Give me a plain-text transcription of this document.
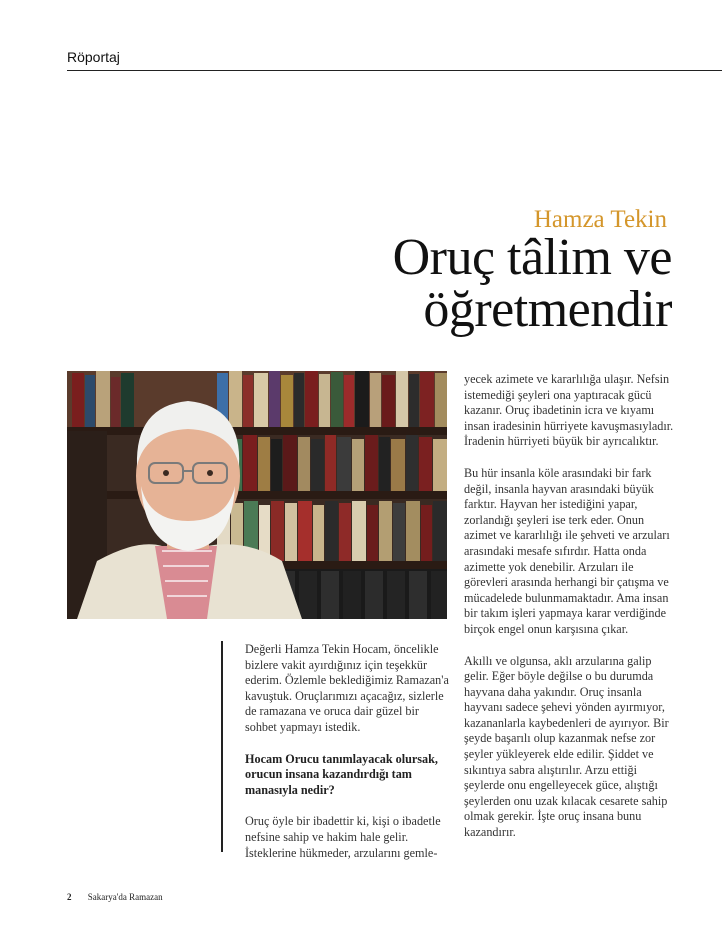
Röportaj
Hamza Tekin
Oruç tâlim ve
öğretmendir

Değerli Hamza Tekin Hocam, öncelikle bizlere vakit ayırdığınız için teşekkür ederim. Özlemle beklediğimiz Ramazan'a kavuştuk. Oruçlarımızı açacağız, sizlerle de ramazana ve oruca dair güzel bir sohbet yapmayı istedik.

Hocam Orucu tanımlayacak olursak, orucun insana kazandırdığı tam manasıyla nedir?

Oruç öyle bir ibadettir ki, kişi o ibadetle nefsine sahip ve hakim hale gelir. İsteklerine hükmeder, arzularını gemle-

yecek azimete ve kararlılığa ulaşır. Nefsin istemediği şeyleri ona yaptıracak gücü kazanır. Oruç ibadetinin icra ve kıyamı insan iradesinin hürriyete kavuşmasıyladır. İradenin hürriyeti büyük bir ayrıcalıktır.

Bu hür insanla köle arasındaki bir fark değil, insanla hayvan arasındaki büyük farktır. Hayvan her istediğini yapar, zorlandığı şeyleri ise terk eder. Onun azimet ve kararlılığı ile şehveti ve arzuları arasındaki mesafe sıfırdır. Hatta onda azimette yok denebilir. Arzuları ile görevleri arasında herhangi bir çatışma ve mücadelede bulunmamaktadır. Ama insan bir takım işleri yapmaya karar verdiğinde birçok engel onun karşısına çıkar.

Akıllı ve olgunsa, aklı arzularına galip gelir. Eğer böyle değilse o bu durumda hayvana daha yakındır. Oruç insanla hayvanı sadece şehevi yönden ayırmıyor, kazananlarla kaybedenleri de ayırıyor. Bir şeyde başarılı olup kazanmak nefse zor şeyler yükleyerek elde edilir. Şiddet ve sıkıntıya sabra alıştırılır. Arzu ettiği şeylerde onu engelleyecek güce, alıştığı şeylerden onu uzak kılacak cesarete sahip olmak gerekir. İşte oruç insana bunu kazandırır.

2 Sakarya'da Ramazan
